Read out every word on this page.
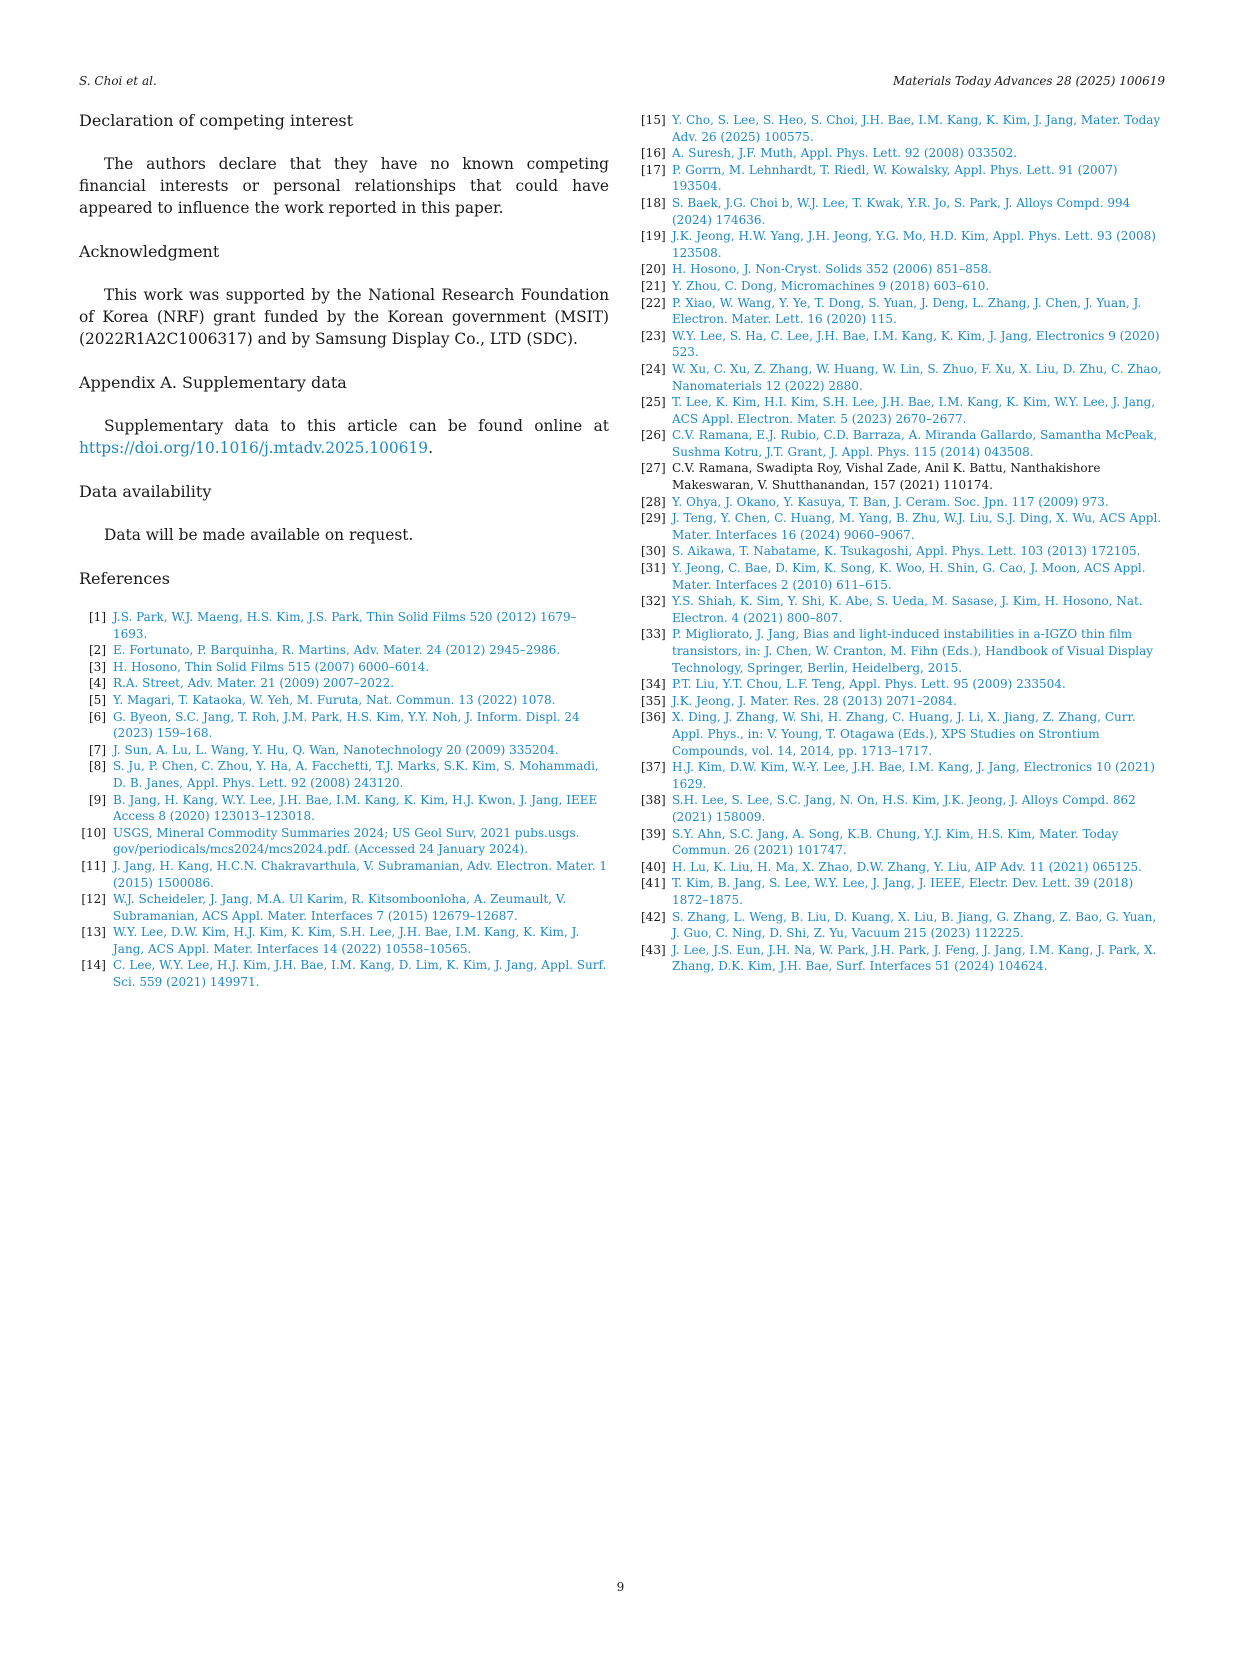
S. Choi et al.	Materials Today Advances 28 (2025) 100619
Declaration of competing interest

The authors declare that they have no known competing financial interests or personal relationships that could have appeared to influence the work reported in this paper.

Acknowledgment

This work was supported by the National Research Foundation of Korea (NRF) grant funded by the Korean government (MSIT) (2022R1A2C1006317) and by Samsung Display Co., LTD (SDC).

Appendix A. Supplementary data

Supplementary data to this article can be found online at https://doi.org/10.1016/j.mtadv.2025.100619.

Data availability

Data will be made available on request.

References
[1] J.S. Park, W.J. Maeng, H.S. Kim, J.S. Park, Thin Solid Films 520 (2012) 1679–1693.
[2] E. Fortunato, P. Barquinha, R. Martins, Adv. Mater. 24 (2012) 2945–2986.
[3] H. Hosono, Thin Solid Films 515 (2007) 6000–6014.
[4] R.A. Street, Adv. Mater. 21 (2009) 2007–2022.
[5] Y. Magari, T. Kataoka, W. Yeh, M. Furuta, Nat. Commun. 13 (2022) 1078.
[6] G. Byeon, S.C. Jang, T. Roh, J.M. Park, H.S. Kim, Y.Y. Noh, J. Inform. Displ. 24 (2023) 159–168.
[7] J. Sun, A. Lu, L. Wang, Y. Hu, Q. Wan, Nanotechnology 20 (2009) 335204.
[8] S. Ju, P. Chen, C. Zhou, Y. Ha, A. Facchetti, T.J. Marks, S.K. Kim, S. Mohammadi, D. B. Janes, Appl. Phys. Lett. 92 (2008) 243120.
[9] B. Jang, H. Kang, W.Y. Lee, J.H. Bae, I.M. Kang, K. Kim, H.J. Kwon, J. Jang, IEEE Access 8 (2020) 123013–123018.
[10] USGS, Mineral Commodity Summaries 2024; US Geol Surv, 2021 pubs.usgs. gov/periodicals/mcs2024/mcs2024.pdf. (Accessed 24 January 2024).
[11] J. Jang, H. Kang, H.C.N. Chakravarthula, V. Subramanian, Adv. Electron. Mater. 1 (2015) 1500086.
[12] W.J. Scheideler, J. Jang, M.A. Ul Karim, R. Kitsomboonloha, A. Zeumault, V. Subramanian, ACS Appl. Mater. Interfaces 7 (2015) 12679–12687.
[13] W.Y. Lee, D.W. Kim, H.J. Kim, K. Kim, S.H. Lee, J.H. Bae, I.M. Kang, K. Kim, J. Jang, ACS Appl. Mater. Interfaces 14 (2022) 10558–10565.
[14] C. Lee, W.Y. Lee, H.J. Kim, J.H. Bae, I.M. Kang, D. Lim, K. Kim, J. Jang, Appl. Surf. Sci. 559 (2021) 149971.
[15] Y. Cho, S. Lee, S. Heo, S. Choi, J.H. Bae, I.M. Kang, K. Kim, J. Jang, Mater. Today Adv. 26 (2025) 100575.
[16] A. Suresh, J.F. Muth, Appl. Phys. Lett. 92 (2008) 033502.
[17] P. Gorrn, M. Lehnhardt, T. Riedl, W. Kowalsky, Appl. Phys. Lett. 91 (2007) 193504.
[18] S. Baek, J.G. Choi b, W.J. Lee, T. Kwak, Y.R. Jo, S. Park, J. Alloys Compd. 994 (2024) 174636.
[19] J.K. Jeong, H.W. Yang, J.H. Jeong, Y.G. Mo, H.D. Kim, Appl. Phys. Lett. 93 (2008) 123508.
[20] H. Hosono, J. Non-Cryst. Solids 352 (2006) 851–858.
[21] Y. Zhou, C. Dong, Micromachines 9 (2018) 603–610.
[22] P. Xiao, W. Wang, Y. Ye, T. Dong, S. Yuan, J. Deng, L. Zhang, J. Chen, J. Yuan, J. Electron. Mater. Lett. 16 (2020) 115.
[23] W.Y. Lee, S. Ha, C. Lee, J.H. Bae, I.M. Kang, K. Kim, J. Jang, Electronics 9 (2020) 523.
[24] W. Xu, C. Xu, Z. Zhang, W. Huang, W. Lin, S. Zhuo, F. Xu, X. Liu, D. Zhu, C. Zhao, Nanomaterials 12 (2022) 2880.
[25] T. Lee, K. Kim, H.I. Kim, S.H. Lee, J.H. Bae, I.M. Kang, K. Kim, W.Y. Lee, J. Jang, ACS Appl. Electron. Mater. 5 (2023) 2670–2677.
[26] C.V. Ramana, E.J. Rubio, C.D. Barraza, A. Miranda Gallardo, Samantha McPeak, Sushma Kotru, J.T. Grant, J. Appl. Phys. 115 (2014) 043508.
[27] C.V. Ramana, Swadipta Roy, Vishal Zade, Anil K. Battu, Nanthakishore Makeswaran, V. Shutthanandan, 157 (2021) 110174.
[28] Y. Ohya, J. Okano, Y. Kasuya, T. Ban, J. Ceram. Soc. Jpn. 117 (2009) 973.
[29] J. Teng, Y. Chen, C. Huang, M. Yang, B. Zhu, W.J. Liu, S.J. Ding, X. Wu, ACS Appl. Mater. Interfaces 16 (2024) 9060–9067.
[30] S. Aikawa, T. Nabatame, K. Tsukagoshi, Appl. Phys. Lett. 103 (2013) 172105.
[31] Y. Jeong, C. Bae, D. Kim, K. Song, K. Woo, H. Shin, G. Cao, J. Moon, ACS Appl. Mater. Interfaces 2 (2010) 611–615.
[32] Y.S. Shiah, K. Sim, Y. Shi, K. Abe, S. Ueda, M. Sasase, J. Kim, H. Hosono, Nat. Electron. 4 (2021) 800–807.
[33] P. Migliorato, J. Jang, Bias and light-induced instabilities in a-IGZO thin film transistors, in: J. Chen, W. Cranton, M. Fihn (Eds.), Handbook of Visual Display Technology, Springer, Berlin, Heidelberg, 2015.
[34] P.T. Liu, Y.T. Chou, L.F. Teng, Appl. Phys. Lett. 95 (2009) 233504.
[35] J.K. Jeong, J. Mater. Res. 28 (2013) 2071–2084.
[36] X. Ding, J. Zhang, W. Shi, H. Zhang, C. Huang, J. Li, X. Jiang, Z. Zhang, Curr. Appl. Phys., in: V. Young, T. Otagawa (Eds.), XPS Studies on Strontium Compounds, vol. 14, 2014, pp. 1713–1717.
[37] H.J. Kim, D.W. Kim, W.-Y. Lee, J.H. Bae, I.M. Kang, J. Jang, Electronics 10 (2021) 1629.
[38] S.H. Lee, S. Lee, S.C. Jang, N. On, H.S. Kim, J.K. Jeong, J. Alloys Compd. 862 (2021) 158009.
[39] S.Y. Ahn, S.C. Jang, A. Song, K.B. Chung, Y.J. Kim, H.S. Kim, Mater. Today Commun. 26 (2021) 101747.
[40] H. Lu, K. Liu, H. Ma, X. Zhao, D.W. Zhang, Y. Liu, AIP Adv. 11 (2021) 065125.
[41] T. Kim, B. Jang, S. Lee, W.Y. Lee, J. Jang, J. IEEE, Electr. Dev. Lett. 39 (2018) 1872–1875.
[42] S. Zhang, L. Weng, B. Liu, D. Kuang, X. Liu, B. Jiang, G. Zhang, Z. Bao, G. Yuan, J. Guo, C. Ning, D. Shi, Z. Yu, Vacuum 215 (2023) 112225.
[43] J. Lee, J.S. Eun, J.H. Na, W. Park, J.H. Park, J. Feng, J. Jang, I.M. Kang, J. Park, X. Zhang, D.K. Kim, J.H. Bae, Surf. Interfaces 51 (2024) 104624.
9
